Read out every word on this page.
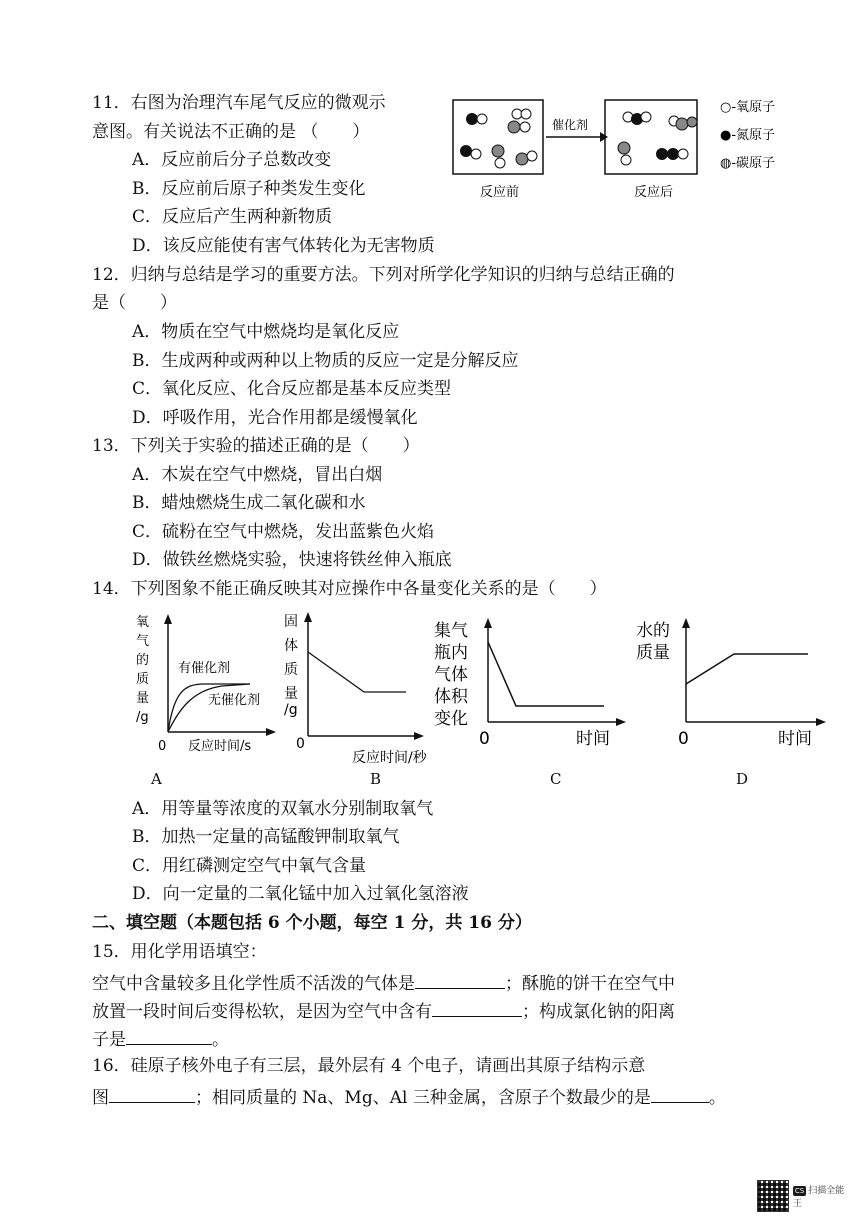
11．右图为治理汽车尾气反应的微观示
意图。有关说法不正确的是 （　　）
A．反应前后分子总数改变
B．反应前后原子种类发生变化
C．反应后产生两种新物质
D．该反应能使有害气体转化为无害物质
催化剂
反应前	反应后
○-氧原子
●-氮原子
◍-碳原子
12．归纳与总结是学习的重要方法。下列对所学化学知识的归纳与总结正确的
是（　　）
A．物质在空气中燃烧均是氧化反应
B．生成两种或两种以上物质的反应一定是分解反应
C．氧化反应、化合反应都是基本反应类型
D．呼吸作用，光合作用都是缓慢氧化
13．下列关于实验的描述正确的是（　　）
A．木炭在空气中燃烧，冒出白烟
B．蜡烛燃烧生成二氧化碳和水
C．硫粉在空气中燃烧，发出蓝紫色火焰
D．做铁丝燃烧实验，快速将铁丝伸入瓶底
14．下列图象不能正确反映其对应操作中各量变化关系的是（　　）
氧
气
的
质
量
/g
0 反应时间/s
有催化剂
无催化剂
A
固
体
质
量
/g
0
反应时间/秒
B
集气
瓶内
气体
体积
变化
0	时间
C
水的
质量
0	时间
D
A．用等量等浓度的双氧水分别制取氧气
B．加热一定量的高锰酸钾制取氧气
C．用红磷测定空气中氧气含量
D．向一定量的二氧化锰中加入过氧化氢溶液
二、填空题（本题包括 6 个小题，每空 1 分，共 16 分）
15．用化学用语填空：
空气中含量较多且化学性质不活泼的气体是	；酥脆的饼干在空气中
放置一段时间后变得松软，是因为空气中含有	；构成氯化钠的阳离
子是	。
16．硅原子核外电子有三层，最外层有 4 个电子，请画出其原子结构示意
图	；相同质量的 Na、Mg、Al 三种金属，含原子个数最少的是	。
CS 扫描全能王
